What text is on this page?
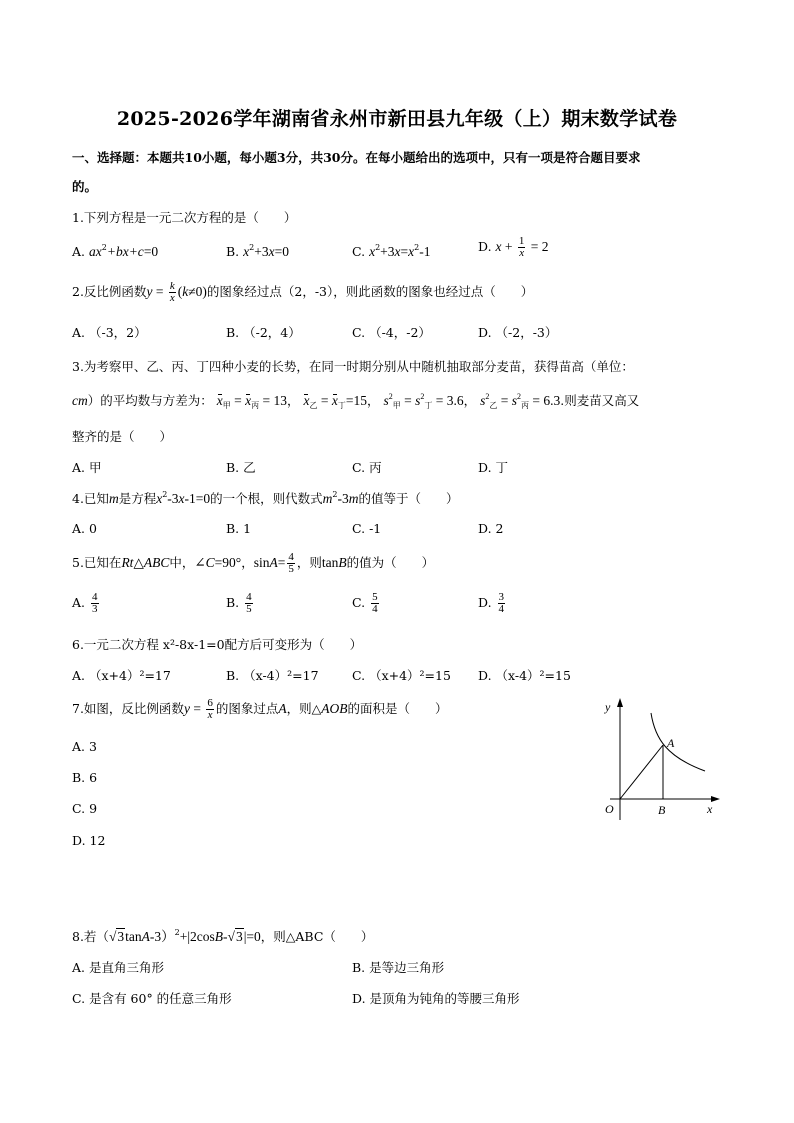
2025-2026学年湖南省永州市新田县九年级（上）期末数学试卷
一、选择题：本题共10小题，每小题3分，共30分。在每小题给出的选项中，只有一项是符合题目要求
的。
1.下列方程是一元二次方程的是（　　）
A. $ax^2+bx+c=0$	B. $x^2+3x=0$	C. $x^2+3x=x^2-1$	D. $x + \frac{1}{x} = 2$
2.反比例函数$y = \frac{k}{x} (k\ne 0)$的图象经过点（2，-3），则此函数的图象也经过点（　　）
A. （-3，2）	B. （-2，4）	C. （-4，-2）	D. （-2，-3）
3.为考察甲、乙、丙、丁四种小麦的长势，在同一时期分别从中随机抽取部分麦苗，获得苗高（单位：
cm）的平均数与方差为： $x_甲 = x_丙 = 13$， $x_乙 = x_丁=15$， $s^2_甲 = s^2_丁 = 3.6$， $s^2_乙 = s^2_丙 = 6.3$.则麦苗又高又
整齐的是（　　）
A. 甲	B. 乙	C. 丙	D. 丁
4.已知m是方程$x^2-3x-1=0$的一个根，则代数式$m^2-3m$的值等于（　　）
A. 0	B. 1	C. -1	D. 2
5.已知在Rt△ABC中，∠C=90°，$\sin A= \frac{4}{5}$ ，则tanB的值为（　　）
A. $\frac{4}{3}$	B. $\frac{4}{5}$	C. $\frac{5}{4}$	D. $\frac{3}{4}$
6.一元二次方程 x²-8x-1=0配方后可变形为（　　）
A. （x+4）²=17	B. （x-4）²=17	C. （x+4）²=15 D. （x-4）²=15
7.如图，反比例函数$y = \frac{6}{x}$ 的图象过点A，则△AOB的面积是（　　）
A. 3
B. 6
C. 9
D. 12
y
x
O
A
B
8.若$(√3\tan A-3)^2+|2\cos B-√3|=0$，则△ABC（　　）
A. 是直角三角形	B. 是等边三角形
C. 是含有 60° 的任意三角形	D. 是顶角为钝角的等腰三角形
